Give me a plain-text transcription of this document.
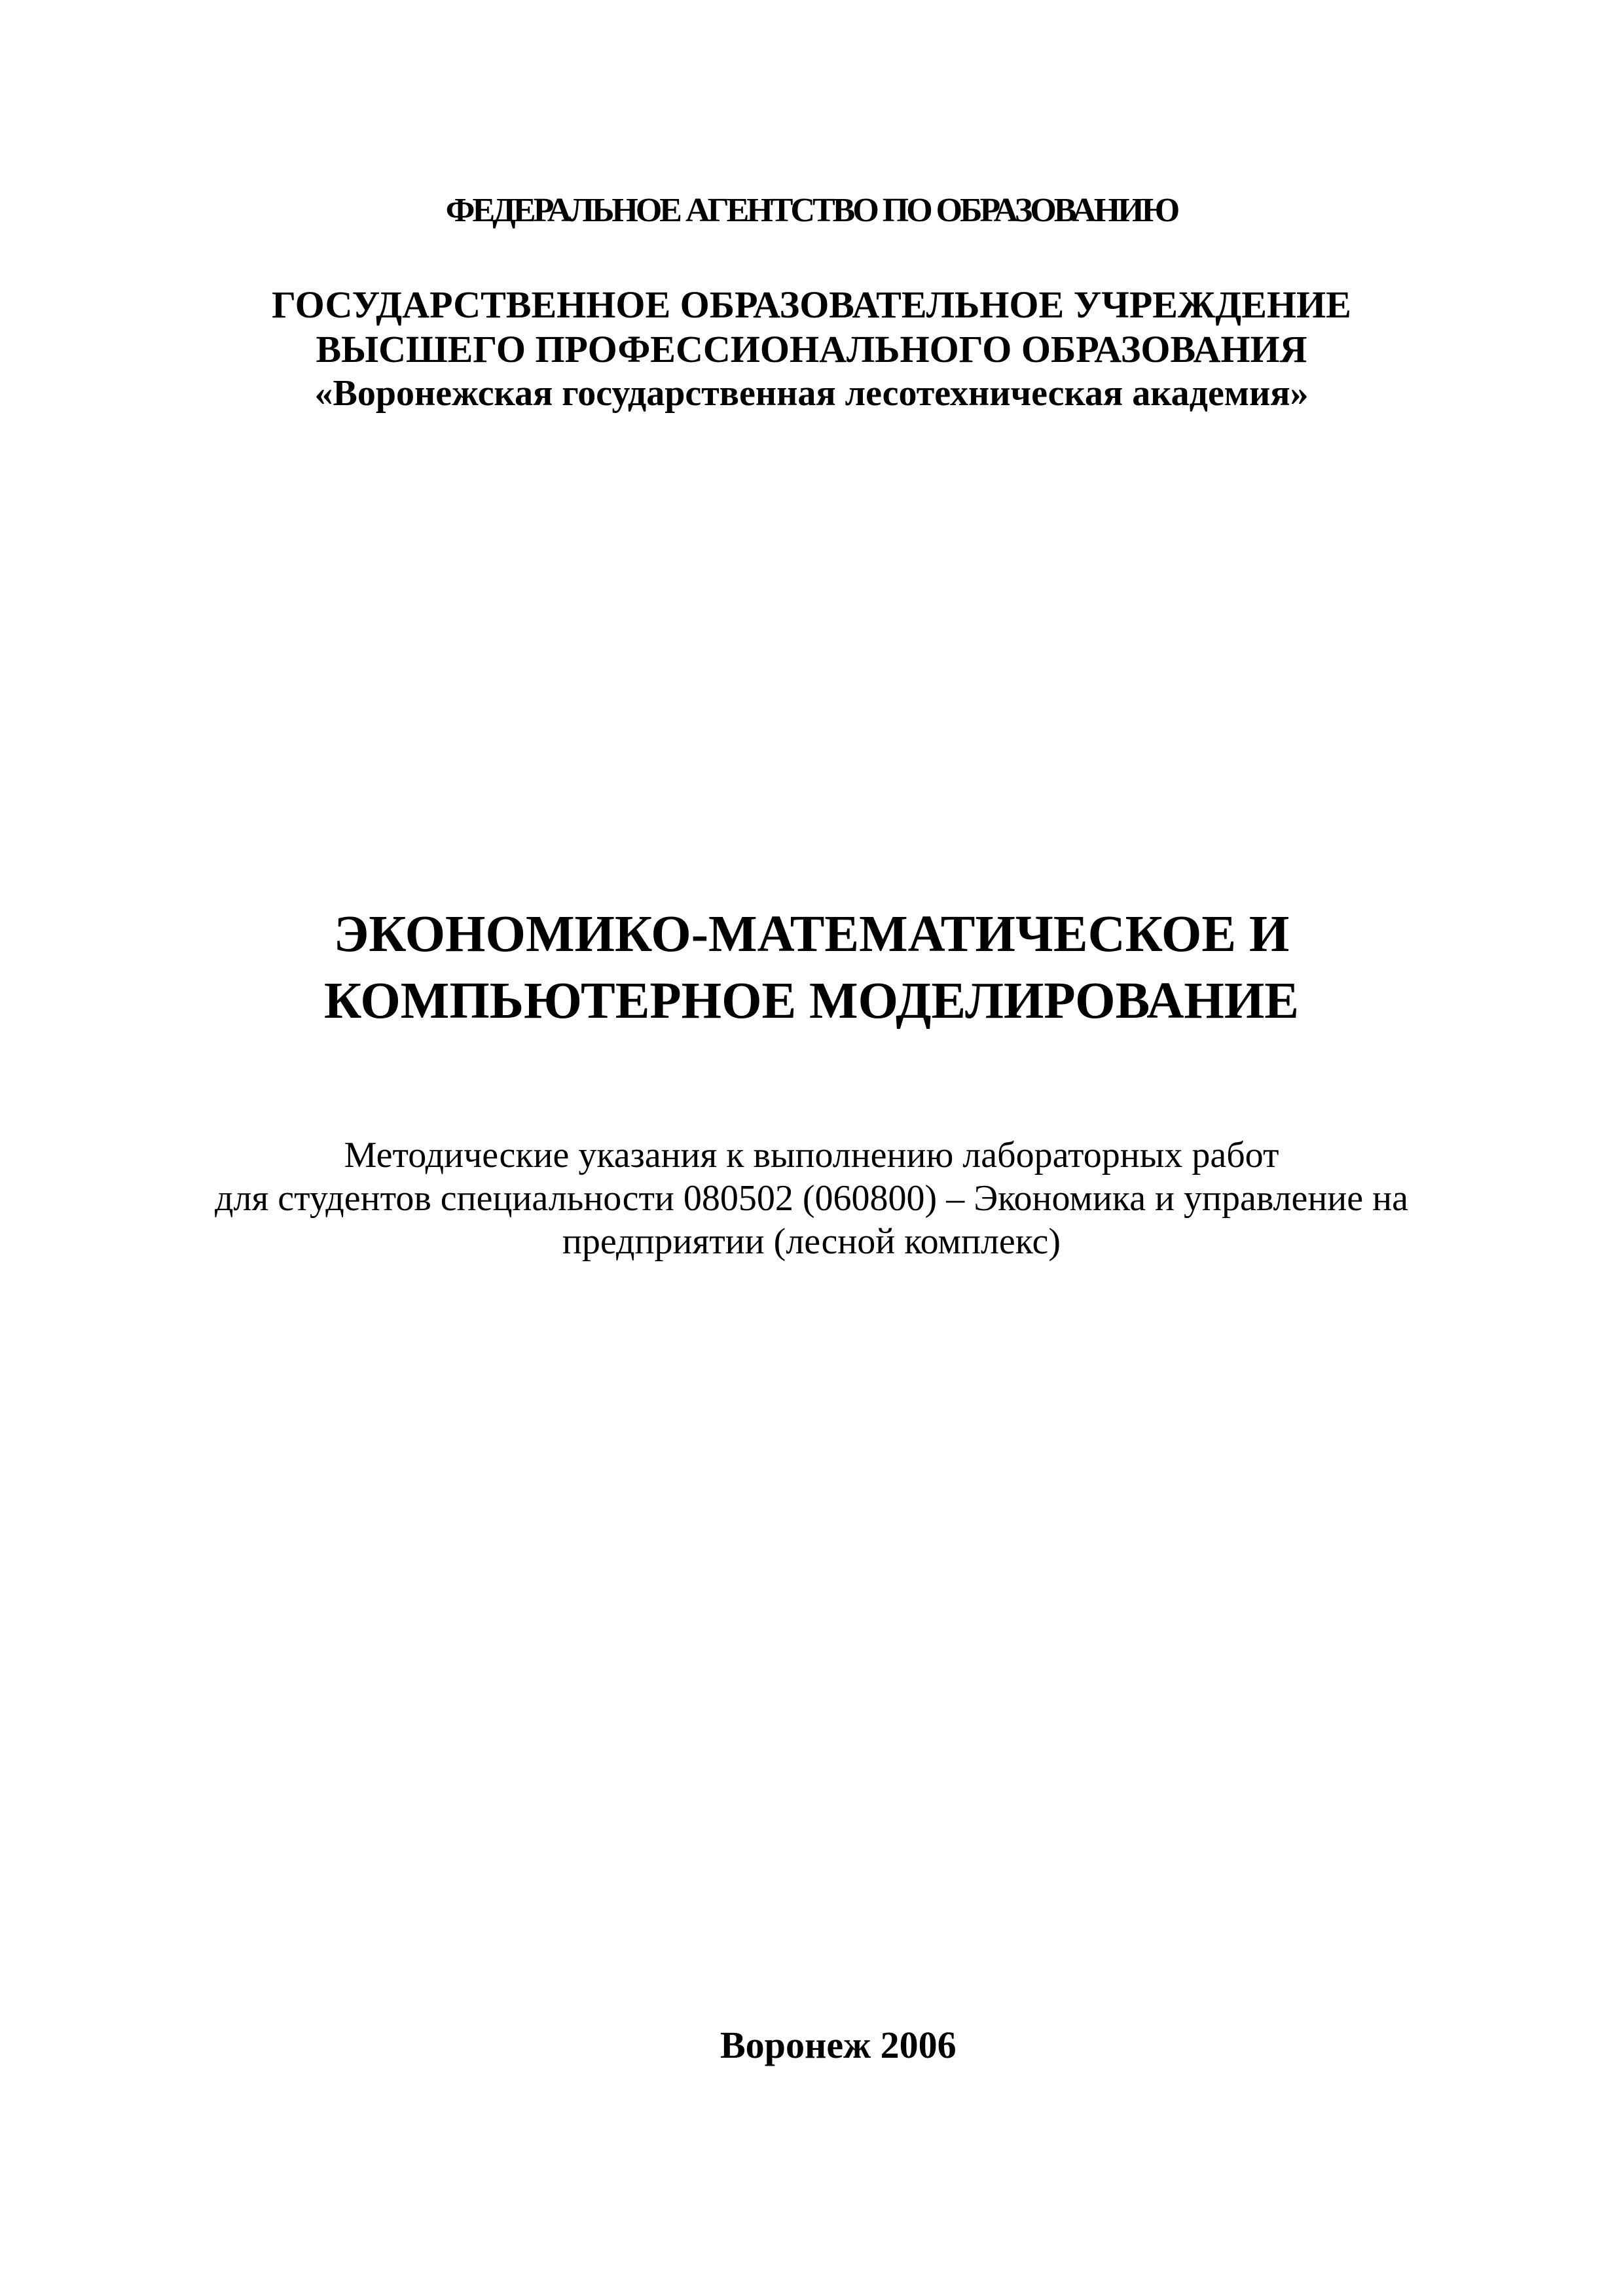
ФЕДЕРАЛЬНОЕ АГЕНТСТВО ПО ОБРАЗОВАНИЮ
ГОСУДАРСТВЕННОЕ ОБРАЗОВАТЕЛЬНОЕ УЧРЕЖДЕНИЕ
ВЫСШЕГО ПРОФЕССИОНАЛЬНОГО ОБРАЗОВАНИЯ
«Воронежская государственная лесотехническая академия»
ЭКОНОМИКО-МАТЕМАТИЧЕСКОЕ И
КОМПЬЮТЕРНОЕ МОДЕЛИРОВАНИЕ
Методические указания к выполнению лабораторных работ
для студентов специальности 080502 (060800) – Экономика и управление на
предприятии (лесной комплекс)
Воронеж 2006
